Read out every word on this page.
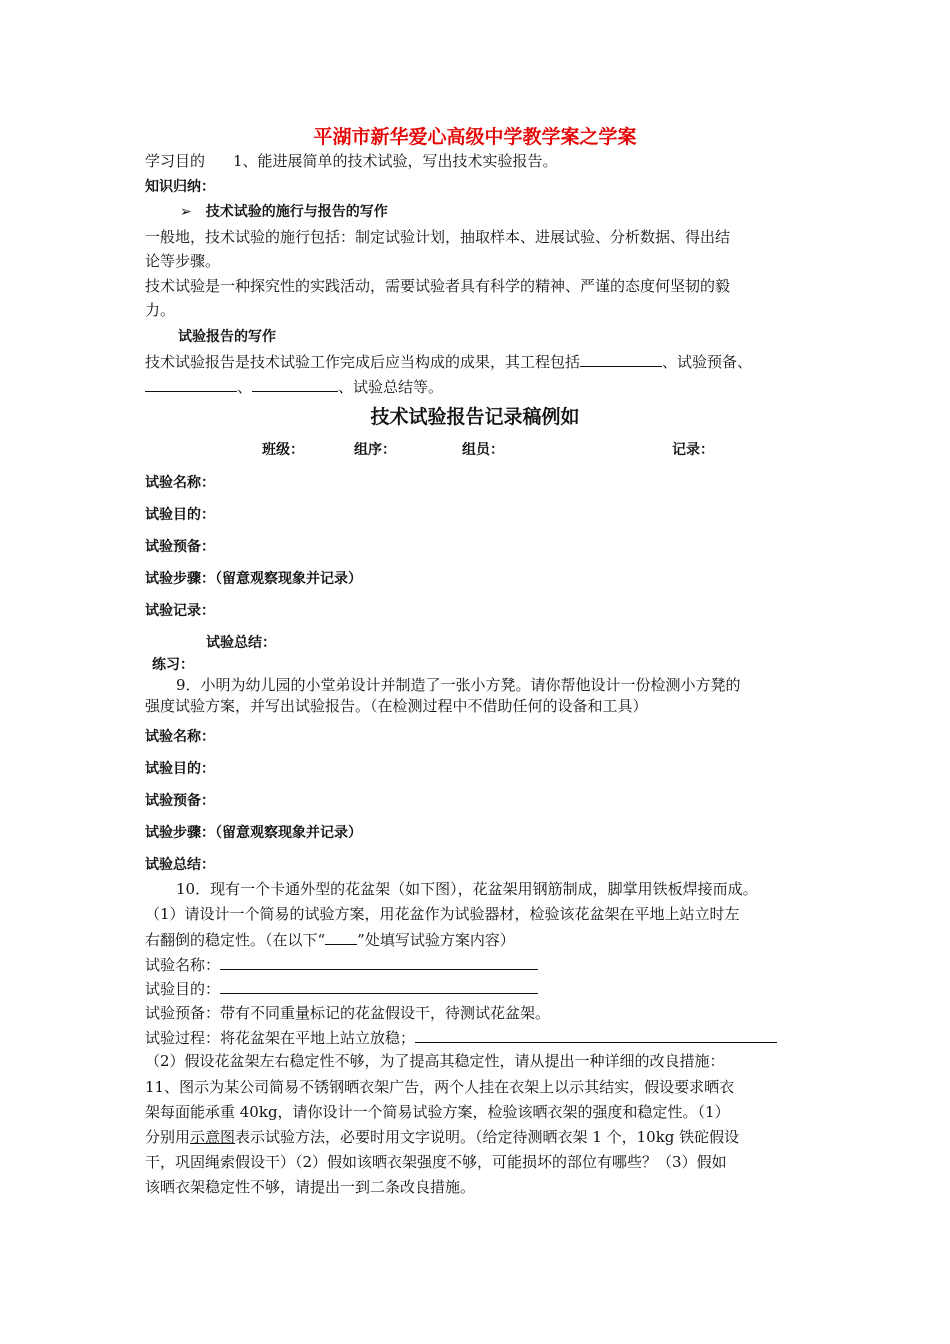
平湖市新华爱心高级中学教学案之学案
学习目的 1、能进展简单的技术试验，写出技术实验报告。
知识归纳：
➢ 技术试验的施行与报告的写作
一般地，技术试验的施行包括：制定试验计划，抽取样本、进展试验、分析数据、得出结
论等步骤。
技术试验是一种探究性的实践活动，需要试验者具有科学的精神、严谨的态度何坚韧的毅
力。
试验报告的写作
技术试验报告是技术试验工作完成后应当构成的成果，其工程包括	、试验预备、
、	、试验总结等。
技术试验报告记录稿例如
班级：	组序：	组员：	记录：
试验名称：
试验目的：
试验预备：
试验步骤：（留意观察现象并记录）
试验记录：
试验总结：
练习：
9．小明为幼儿园的小堂弟设计并制造了一张小方凳。请你帮他设计一份检测小方凳的
强度试验方案，并写出试验报告。（在检测过程中不借助任何的设备和工具）
试验名称：
试验目的：
试验预备：
试验步骤：（留意观察现象并记录）
试验总结：
10．现有一个卡通外型的花盆架（如下图），花盆架用钢筋制成，脚掌用铁板焊接而成。
（1）请设计一个简易的试验方案，用花盆作为试验器材，检验该花盆架在平地上站立时左
右翻倒的稳定性。（在以下“ ”处填写试验方案内容）
试验名称：
试验目的：
试验预备：带有不同重量标记的花盆假设干，待测试花盆架。
试验过程：将花盆架在平地上站立放稳；
（2）假设花盆架左右稳定性不够，为了提高其稳定性，请从提出一种详细的改良措施：
11、图示为某公司简易不锈钢晒衣架广告，两个人挂在衣架上以示其结实，假设要求晒衣
架每面能承重 40kg，请你设计一个简易试验方案，检验该晒衣架的强度和稳定性。（1）
分别用示意图表示试验方法，必要时用文字说明。（给定待测晒衣架 1 个，10kg 铁砣假设
干，巩固绳索假设干）（2）假如该晒衣架强度不够，可能损坏的部位有哪些？（3）假如
该晒衣架稳定性不够，请提出一到二条改良措施。
